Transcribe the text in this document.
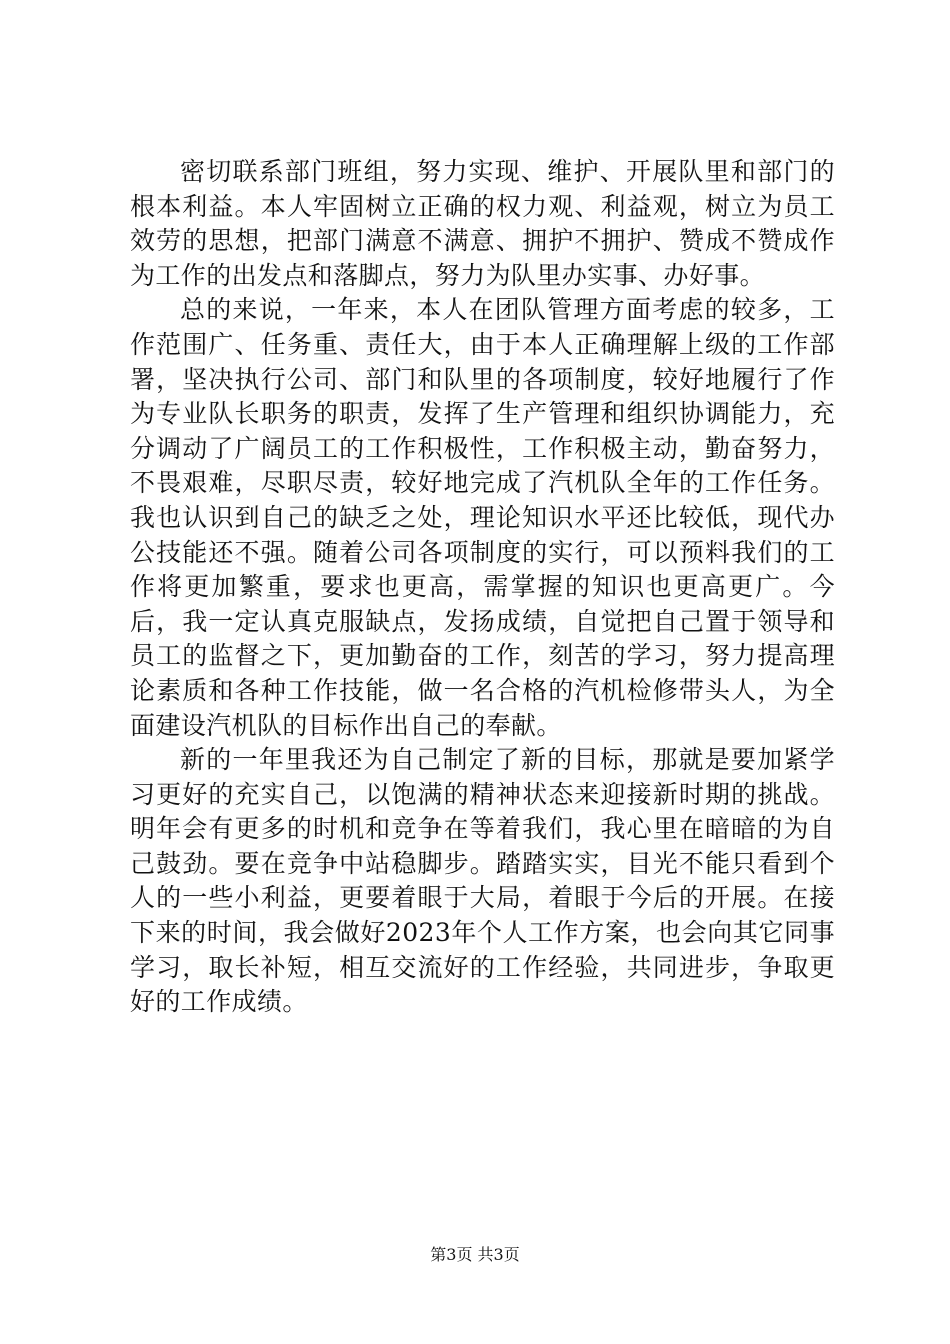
密切联系部门班组，努力实现、维护、开展队里和部门的根本利益。本人牢固树立正确的权力观、利益观，树立为员工效劳的思想，把部门满意不满意、拥护不拥护、赞成不赞成作为工作的出发点和落脚点，努力为队里办实事、办好事。

总的来说，一年来，本人在团队管理方面考虑的较多，工作范围广、任务重、责任大，由于本人正确理解上级的工作部署，坚决执行公司、部门和队里的各项制度，较好地履行了作为专业队长职务的职责，发挥了生产管理和组织协调能力，充分调动了广阔员工的工作积极性，工作积极主动，勤奋努力，不畏艰难，尽职尽责，较好地完成了汽机队全年的工作任务。我也认识到自己的缺乏之处，理论知识水平还比较低，现代办公技能还不强。随着公司各项制度的实行，可以预料我们的工作将更加繁重，要求也更高，需掌握的知识也更高更广。今后，我一定认真克服缺点，发扬成绩，自觉把自己置于领导和员工的监督之下，更加勤奋的工作，刻苦的学习，努力提高理论素质和各种工作技能，做一名合格的汽机检修带头人，为全面建设汽机队的目标作出自己的奉献。

新的一年里我还为自己制定了新的目标，那就是要加紧学习更好的充实自己，以饱满的精神状态来迎接新时期的挑战。明年会有更多的时机和竞争在等着我们，我心里在暗暗的为自己鼓劲。要在竞争中站稳脚步。踏踏实实，目光不能只看到个人的一些小利益，更要着眼于大局，着眼于今后的开展。在接下来的时间，我会做好2023年个人工作方案，也会向其它同事学习，取长补短，相互交流好的工作经验，共同进步，争取更好的工作成绩。

第3页 共3页
